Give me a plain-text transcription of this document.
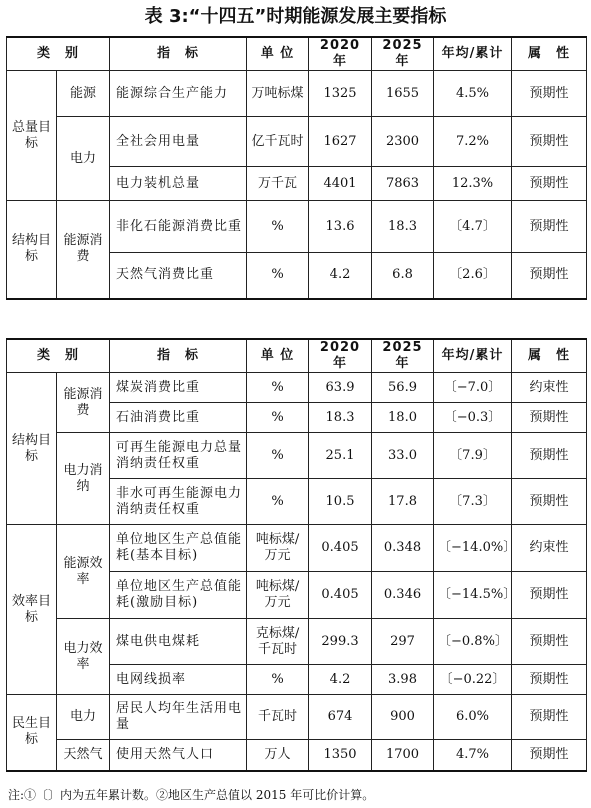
表 3:“十四五”时期能源发展主要指标
类　别		指　标	单 位	2020 年	2025 年	年均/累计	属　性
总量目标	能源	能源综合生产能力	万吨标煤	1325	1655	4.5%	预期性
	电力	全社会用电量	亿千瓦时	1627	2300	7.2%	预期性
		电力装机总量	万千瓦	4401	7863	12.3%	预期性
结构目标	能源消费	非化石能源消费比重	%	13.6	18.3	〔4.7〕	预期性
		天然气消费比重	%	4.2	6.8	〔2.6〕	预期性
类　别		指　标	单 位	2020 年	2025 年	年均/累计	属　性
结构目标	能源消费	煤炭消费比重	%	63.9	56.9	〔−7.0〕	约束性
		石油消费比重	%	18.3	18.0	〔−0.3〕	预期性
	电力消纳	可再生能源电力总量消纳责任权重	%	25.1	33.0	〔7.9〕	预期性
		非水可再生能源电力消纳责任权重	%	10.5	17.8	〔7.3〕	预期性
效率目标	能源效率	单位地区生产总值能耗(基本目标)	吨标煤/万元	0.405	0.348	〔−14.0%〕	约束性
		单位地区生产总值能耗(激励目标)	吨标煤/万元	0.405	0.346	〔−14.5%〕	预期性
	电力效率	煤电供电煤耗	克标煤/千瓦时	299.3	297	〔−0.8%〕	预期性
		电网线损率	%	4.2	3.98	〔−0.22〕	预期性
民生目标	电力	居民人均年生活用电量	千瓦时	674	900	6.0%	预期性
	天然气	使用天然气人口	万人	1350	1700	4.7%	预期性
注:①〔〕内为五年累计数。②地区生产总值以 2015 年可比价计算。
